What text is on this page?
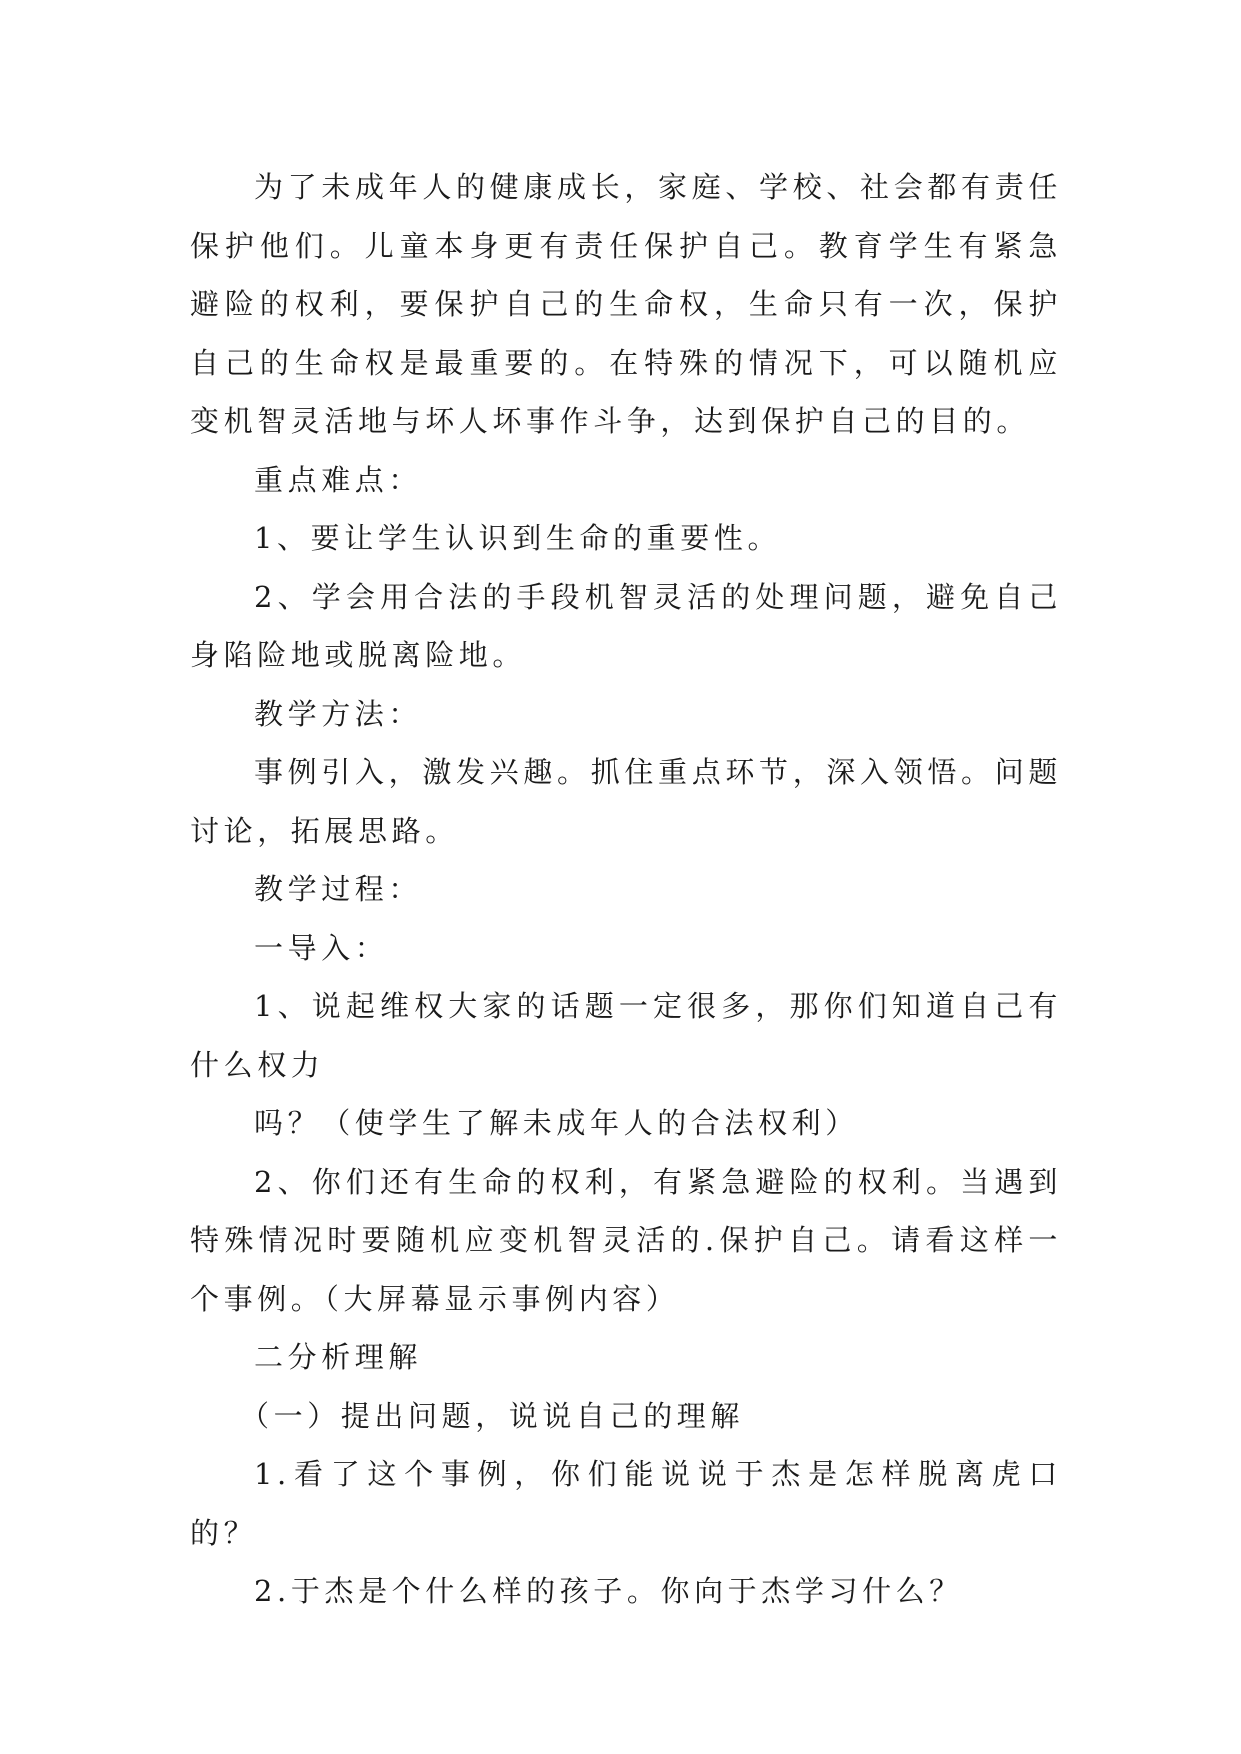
为了未成年人的健康成长，家庭、学校、社会都有责任保护他们。儿童本身更有责任保护自己。教育学生有紧急避险的权利，要保护自己的生命权，生命只有一次，保护自己的生命权是最重要的。在特殊的情况下，可以随机应变机智灵活地与坏人坏事作斗争，达到保护自己的目的。

重点难点：

1、要让学生认识到生命的重要性。

2、学会用合法的手段机智灵活的处理问题，避免自己身陷险地或脱离险地。

教学方法：

事例引入，激发兴趣。抓住重点环节，深入领悟。问题讨论，拓展思路。

教学过程：

一导入：

1、说起维权大家的话题一定很多，那你们知道自己有什么权力

吗？（使学生了解未成年人的合法权利）

2、你们还有生命的权利，有紧急避险的权利。当遇到特殊情况时要随机应变机智灵活的.保护自己。请看这样一个事例。（大屏幕显示事例内容）

二分析理解

（一）提出问题，说说自己的理解

1.看了这个事例，你们能说说于杰是怎样脱离虎口的？

2.于杰是个什么样的孩子。你向于杰学习什么？
